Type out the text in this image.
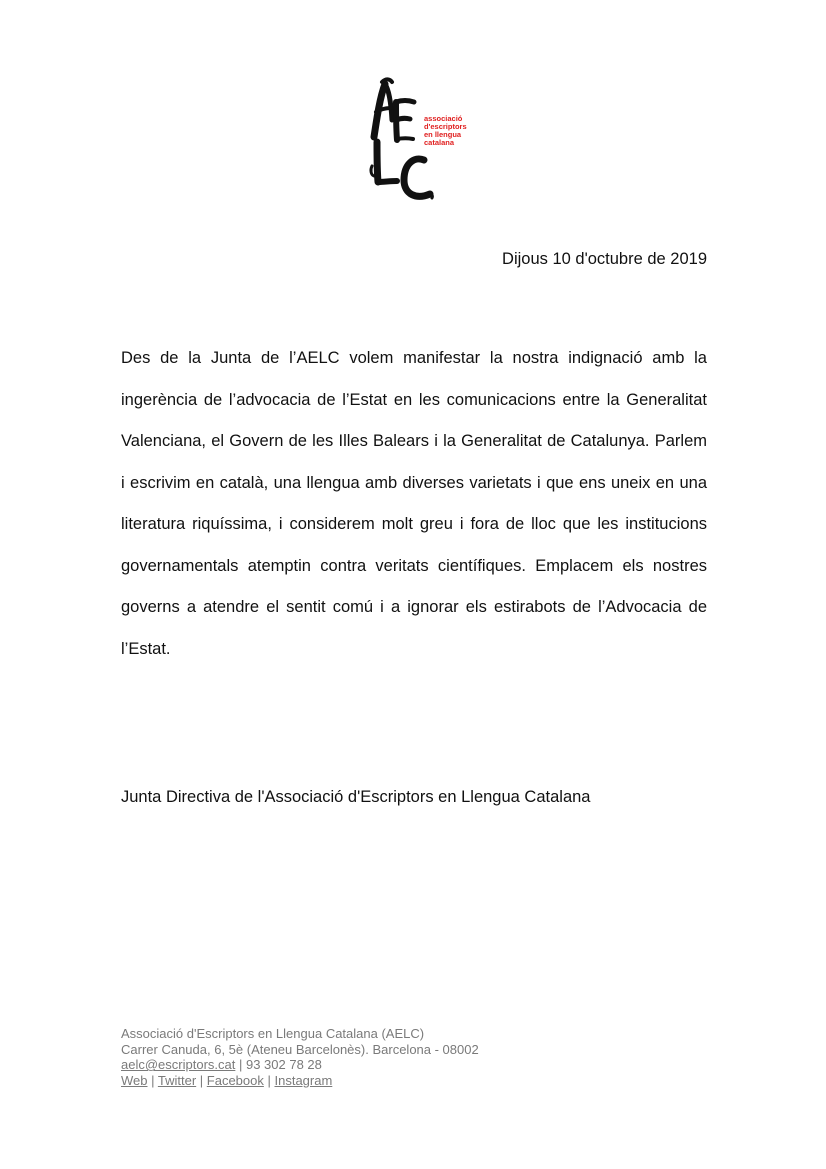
associació
d'escriptors
en llengua
catalana
Dijous 10 d'octubre de 2019
Des de la Junta de l’AELC volem manifestar la nostra indignació amb la ingerència de l’advocacia de l’Estat en les comunicacions entre la Generalitat Valenciana, el Govern de les Illes Balears i la Generalitat de Catalunya. Parlem i escrivim en català, una llengua amb diverses varietats i que ens uneix en una literatura riquíssima, i considerem molt greu i fora de lloc que les institucions governamentals atemptin contra veritats científiques. Emplacem els nostres governs a atendre el sentit comú i a ignorar els estirabots de l’Advocacia de l’Estat.
Junta Directiva de l'Associació d'Escriptors en Llengua Catalana
Associació d'Escriptors en Llengua Catalana (AELC)
Carrer Canuda, 6, 5è (Ateneu Barcelonès). Barcelona - 08002
aelc@escriptors.cat | 93 302 78 28
Web | Twitter | Facebook | Instagram
